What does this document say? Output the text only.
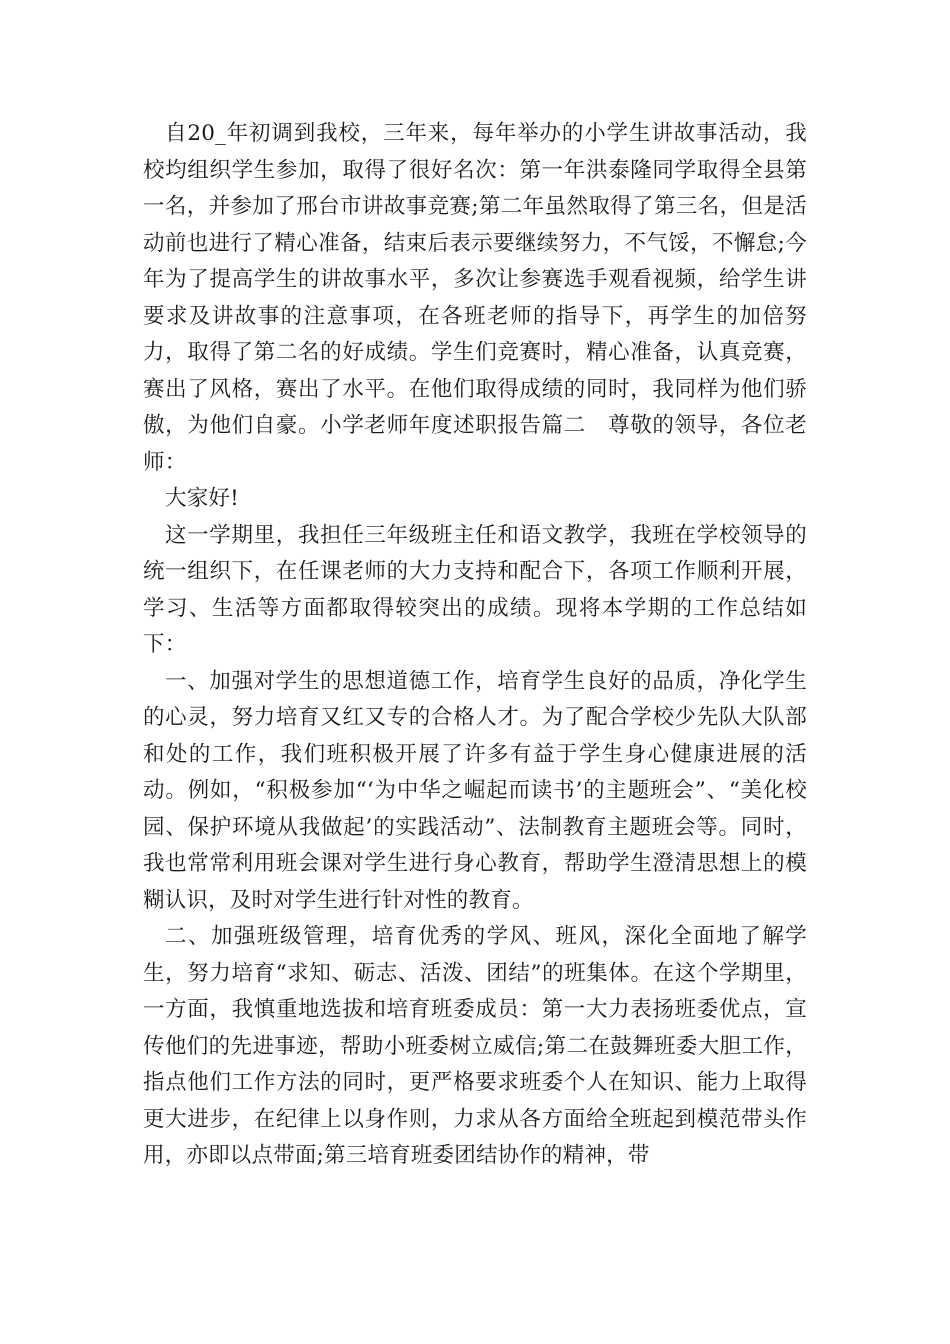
自20_年初调到我校，三年来，每年举办的小学生讲故事活动，我校均组织学生参加，取得了很好名次：第一年洪泰隆同学取得全县第一名，并参加了邢台市讲故事竞赛;第二年虽然取得了第三名，但是活动前也进行了精心准备，结束后表示要继续努力，不气馁，不懈怠;今年为了提高学生的讲故事水平，多次让参赛选手观看视频，给学生讲要求及讲故事的注意事项，在各班老师的指导下，再学生的加倍努力，取得了第二名的好成绩。学生们竞赛时，精心准备，认真竞赛，赛出了风格，赛出了水平。在他们取得成绩的同时，我同样为他们骄傲，为他们自豪。小学老师年度述职报告篇二　尊敬的领导，各位老师：

大家好!

这一学期里，我担任三年级班主任和语文教学，我班在学校领导的统一组织下，在任课老师的大力支持和配合下，各项工作顺利开展，学习、生活等方面都取得较突出的成绩。现将本学期的工作总结如下：

一、加强对学生的思想道德工作，培育学生良好的品质，净化学生的心灵，努力培育又红又专的合格人才。为了配合学校少先队大队部和处的工作，我们班积极开展了许多有益于学生身心健康进展的活动。例如，“积极参加“‘为中华之崛起而读书’的主题班会”、“美化校园、保护环境从我做起’的实践活动”、法制教育主题班会等。同时，我也常常利用班会课对学生进行身心教育，帮助学生澄清思想上的模糊认识，及时对学生进行针对性的教育。

二、加强班级管理，培育优秀的学风、班风，深化全面地了解学生，努力培育“求知、砺志、活泼、团结”的班集体。在这个学期里，一方面，我慎重地选拔和培育班委成员：第一大力表扬班委优点，宣传他们的先进事迹，帮助小班委树立威信;第二在鼓舞班委大胆工作，指点他们工作方法的同时，更严格要求班委个人在知识、能力上取得更大进步，在纪律上以身作则，力求从各方面给全班起到模范带头作用，亦即以点带面;第三培育班委团结协作的精神，带
